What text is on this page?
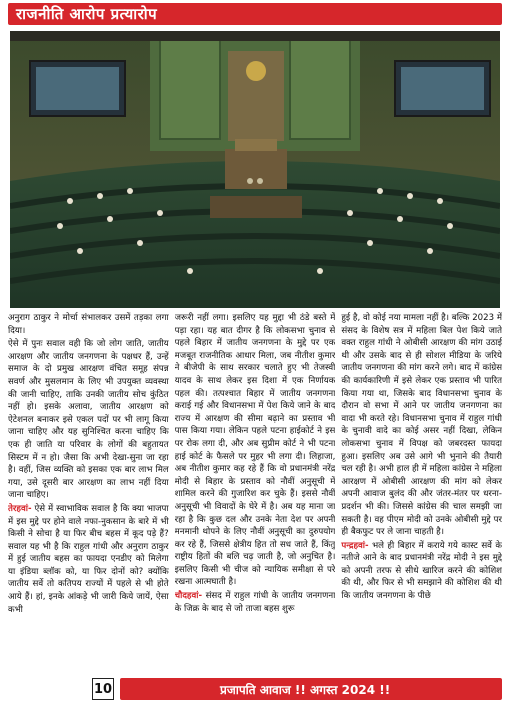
राजनीति आरोप प्रत्यारोप

अनुराग ठाकुर ने मोर्चा संभालकर उसमें तड़का लगा दिया।

ऐसे में पुनः सवाल वही कि जो लोग जाति, जातीय आरक्षण और जातीय जनगणना के पक्षधर हैं, उन्हें समाज के दो प्रमुख आरक्षण वंचित समूह संपन्न सवर्ण और मुसलमान के लिए भी उपयुक्त व्यवस्था की जानी चाहिए, ताकि उनकी जातीय सोच कुंठित नहीं हो। इसके अलावा, जातीय आरक्षण को ऐटेशनल बनाकर इसे एकल पदों पर भी लागू किया जाना चाहिए और यह सुनिश्चित करना चाहिए कि एक ही जाति या परिवार के लोगों की बहुतायत सिस्टम में न हो। जैसा कि अभी देखा-सुना जा रहा है। वहीं, जिस व्यक्ति को इसका एक बार लाभ मिल गया, उसे दूसरी बार आरक्षण का लाभ नहीं दिया जाना चाहिए।

तेरहवां- ऐसे में स्वाभाविक सवाल है कि क्या भाजपा में इस मुद्दे पर होने वाले नफा-नुकसान के बारे में भी किसी ने सोचा है या फिर बीच बहस में कूद पड़े हैं? सवाल यह भी है कि राहुल गांधी और अनुराग ठाकुर में हुई जातीय बहस का फायदा एनडीए को मिलेगा या इंडिया ब्लॉक को, या फिर दोनों को? क्योंकि जातीय सर्वे तो कतिपय राज्यों में पहले से भी होते आये हैं। हां, इनके आंकड़े भी जारी किये जायें, ऐसा कभी

जरूरी नहीं लगा। इसलिए यह मुद्दा भी ठंडे बस्ते में पड़ा रहा। यह बात दीगर है कि लोकसभा चुनाव से पहले बिहार में जातीय जनगणना के मुद्दे पर एक मजबूत राजनीतिक आधार मिला, जब नीतीश कुमार ने बीजेपी के साथ सरकार चलाते हुए भी तेजस्वी यादव के साथ लेकर इस दिशा में एक निर्णायक पहल की। तत्पश्चात बिहार में जातीय जनगणना कराई गई और विधानसभा में पेश किये जाने के बाद राज्य में आरक्षण की सीमा बढ़ाने का प्रस्ताव भी पास किया गया। लेकिन पहले पटना हाईकोर्ट ने इस पर रोक लगा दी, और अब सुप्रीम कोर्ट ने भी पटना हाई कोर्ट के फैसले पर मुहर भी लगा दी। लिहाजा, अब नीतीश कुमार कह रहे हैं कि वो प्रधानमंत्री नरेंद्र मोदी से बिहार के प्रस्ताव को नौवीं अनुसूची में शामिल करने की गुजारिश कर चुके हैं। इससे नौवीं अनुसूची भी विवादों के घेरे में है। अब यह माना जा रहा है कि कुछ दल और उनके नेता देश पर अपनी मनमानी थोपने के लिए नौवीं अनुसूची का दुरुपयोग कर रहे हैं, जिससे क्षेत्रीय हित तो सध जाते हैं, किंतु राष्ट्रीय हितों की बलि चढ़ जाती है, जो अनुचित है। इसलिए किसी भी चीज को न्यायिक समीक्षा से परे रखना आत्मघाती है।

चौदहवां- संसद में राहुल गांधी के जातीय जनगणना के जिक्र के बाद से जो ताजा बहस शुरू

हुई है, वो कोई नया मामला नहीं है। बल्कि 2023 में संसद के विशेष सत्र में महिला बिल पेश किये जाते वक्त राहुल गांधी ने ओबीसी आरक्षण की मांग उठाई थी और उसके बाद से ही सोशल मीडिया के जरिये जातीय जनगणना की मांग करने लगे। बाद में कांग्रेस की कार्यकारिणी में इसे लेकर एक प्रस्ताव भी पारित किया गया था, जिसके बाद विधानसभा चुनाव के दौरान वो सभा में आने पर जातीय जनगणना का वादा भी करते रहे। विधानसभा चुनाव में राहुल गांधी के चुनावी वादे का कोई असर नहीं दिखा, लेकिन लोकसभा चुनाव में विपक्ष को जबरदस्त फायदा हुआ। इसलिए अब उसे आगे भी भुनाने की तैयारी चल रही है। अभी हाल ही में महिला कांग्रेस ने महिला आरक्षण में ओबीसी आरक्षण की मांग को लेकर अपनी आवाज बुलंद की और जंतर-मंतर पर धरना-प्रदर्शन भी की। जिससे कांग्रेस की चाल समझी जा सकती है। वह पीएम मोदी को उनके ओबीसी मुद्दे पर ही बैकफुट पर ले जाना चाहती है।

पन्द्रहवां- भले ही बिहार में कराये गये कास्ट सर्वे के नतीजे आने के बाद प्रधानमंत्री नरेंद्र मोदी ने इस मुद्दे को अपनी तरफ से सीधे खारिज करने की कोशिश की थी, और फिर से भी समझाने की कोशिश की थी कि जातीय जनगणना के पीछे

10	प्रजापति आवाज !! अगस्त 2024 !!
